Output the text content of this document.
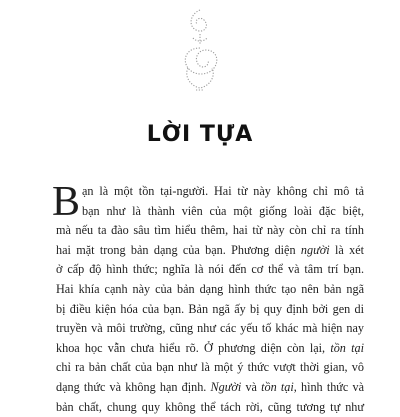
LỜI TỰA
B ạn là một tồn tại-người. Hai từ này không chỉ mô tả
bạn như là thành viên của một giống loài đặc biệt,
mà nếu ta đào sâu tìm hiểu thêm, hai từ này còn chỉ ra tính
hai mặt trong bản dạng của bạn. Phương diện người là xét
ở cấp độ hình thức; nghĩa là nói đến cơ thể và tâm trí bạn.
Hai khía cạnh này của bản dạng hình thức tạo nên bản ngã
bị điều kiện hóa của bạn. Bản ngã ấy bị quy định bởi gen di
truyền và môi trường, cũng như các yếu tố khác mà hiện nay
khoa học vẫn chưa hiểu rõ. Ở phương diện còn lại, tồn tại
chỉ ra bản chất của bạn như là một ý thức vượt thời gian, vô
dạng thức và không hạn định. Người và tồn tại, hình thức và
bản chất, chung quy không thể tách rời, cũng tương tự như
